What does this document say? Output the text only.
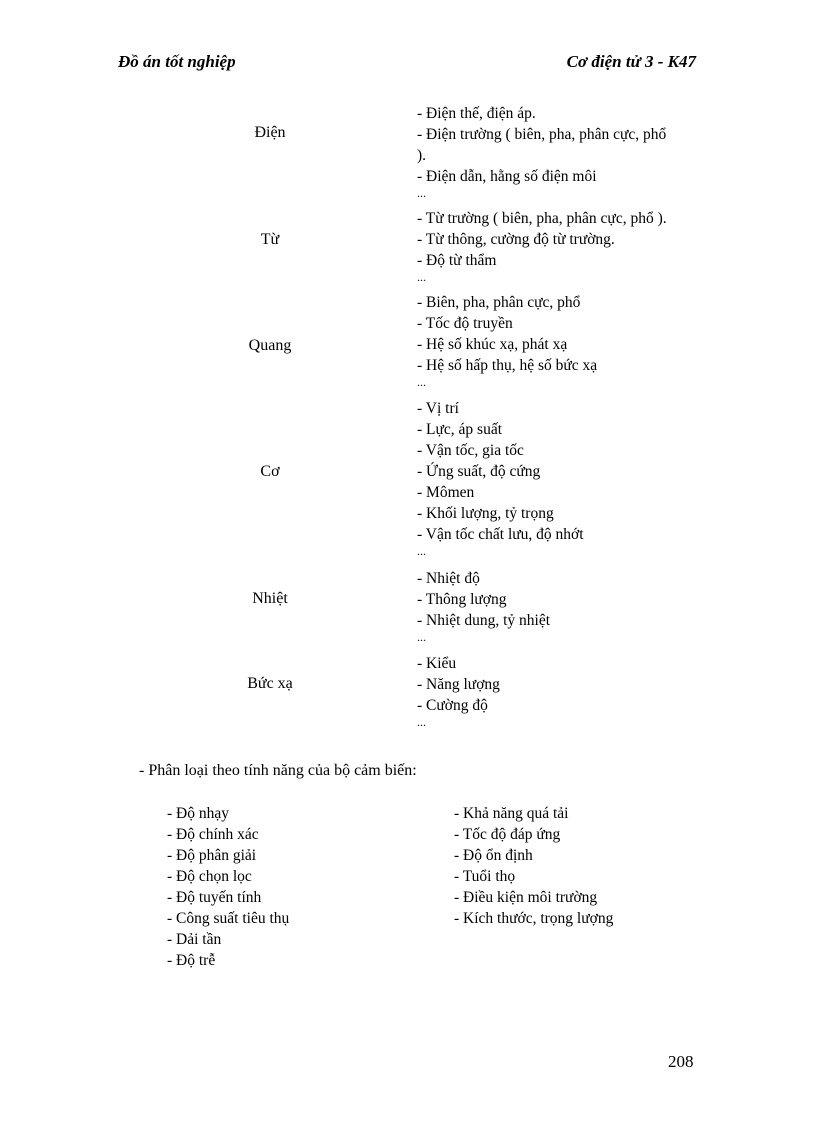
Đồ án tốt nghiệp	Cơ điện tử 3 - K47
Điện
- Điện thế, điện áp.
- Điện trường ( biên, pha, phân cực, phổ
).
- Điện dẫn, hằng số điện môi
...
Từ
- Từ trường ( biên, pha, phân cực, phổ ).
- Từ thông, cường độ từ trường.
- Độ từ thẩm
...
Quang
- Biên, pha, phân cực, phổ
- Tốc độ truyền
- Hệ số khúc xạ, phát xạ
- Hệ số hấp thụ, hệ số bức xạ
...
Cơ
- Vị trí
- Lực, áp suất
- Vận tốc, gia tốc
- Ứng suất, độ cứng
- Mômen
- Khối lượng, tỷ trọng
- Vận tốc chất lưu, độ nhớt
...
Nhiệt
- Nhiệt độ
- Thông lượng
- Nhiệt dung, tỷ nhiệt
...
Bức xạ
- Kiểu
- Năng lượng
- Cường độ
...
- Phân loại theo tính năng của bộ cảm biến:
- Độ nhạy
- Độ chính xác
- Độ phân giải
- Độ chọn lọc
- Độ tuyến tính
- Công suất tiêu thụ
- Dải tần
- Độ trễ
- Khả năng quá tải
- Tốc độ đáp ứng
- Độ ổn định
- Tuổi thọ
- Điều kiện môi trường
- Kích thước, trọng lượng
208
